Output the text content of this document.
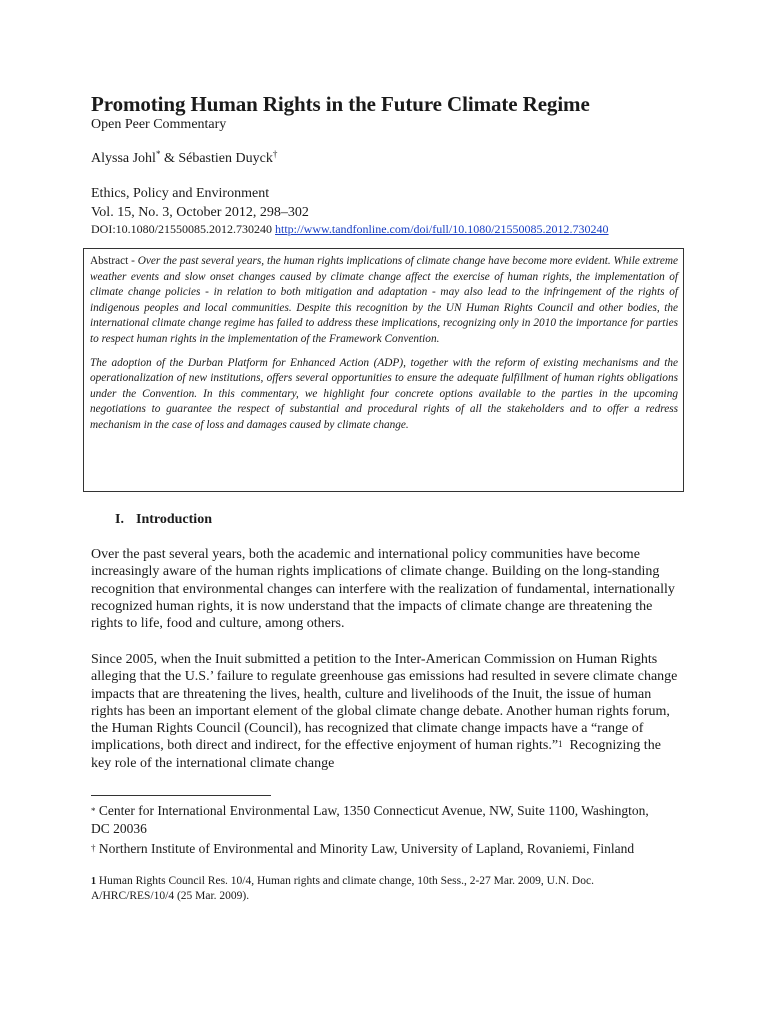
Promoting Human Rights in the Future Climate Regime
Open Peer Commentary
Alyssa Johl* & Sébastien Duyck†
Ethics, Policy and Environment
Vol. 15, No. 3, October 2012, 298–302
DOI:10.1080/21550085.2012.730240 http://www.tandfonline.com/doi/full/10.1080/21550085.2012.730240

Abstract - Over the past several years, the human rights implications of climate change have become more evident. While extreme weather events and slow onset changes caused by climate change affect the exercise of human rights, the implementation of climate change policies - in relation to both mitigation and adaptation - may also lead to the infringement of the rights of indigenous peoples and local communities. Despite this recognition by the UN Human Rights Council and other bodies, the international climate change regime has failed to address these implications, recognizing only in 2010 the importance for parties to respect human rights in the implementation of the Framework Convention.

The adoption of the Durban Platform for Enhanced Action (ADP), together with the reform of existing mechanisms and the operationalization of new institutions, offers several opportunities to ensure the adequate fulfillment of human rights obligations under the Convention. In this commentary, we highlight four concrete options available to the parties in the upcoming negotiations to guarantee the respect of substantial and procedural rights of all the stakeholders and to offer a redress mechanism in the case of loss and damages caused by climate change.

I. Introduction

Over the past several years, both the academic and international policy communities have become increasingly aware of the human rights implications of climate change. Building on the long-standing recognition that environmental changes can interfere with the realization of fundamental, internationally recognized human rights, it is now understand that the impacts of climate change are threatening the rights to life, food and culture, among others.

Since 2005, when the Inuit submitted a petition to the Inter-American Commission on Human Rights alleging that the U.S.’ failure to regulate greenhouse gas emissions had resulted in severe climate change impacts that are threatening the lives, health, culture and livelihoods of the Inuit, the issue of human rights has been an important element of the global climate change debate. Another human rights forum, the Human Rights Council (Council), has recognized that climate change impacts have a “range of implications, both direct and indirect, for the effective enjoyment of human rights.”$^1$  Recognizing the key role of the international climate change

* Center for International Environmental Law, 1350 Connecticut Avenue, NW, Suite 1100, Washington, DC 20036

† Northern Institute of Environmental and Minority Law, University of Lapland, Rovaniemi, Finland

$^1$ Human Rights Council Res. 10/4, Human rights and climate change, 10th Sess., 2-27 Mar. 2009, U.N. Doc. A/HRC/RES/10/4 (25 Mar. 2009).
